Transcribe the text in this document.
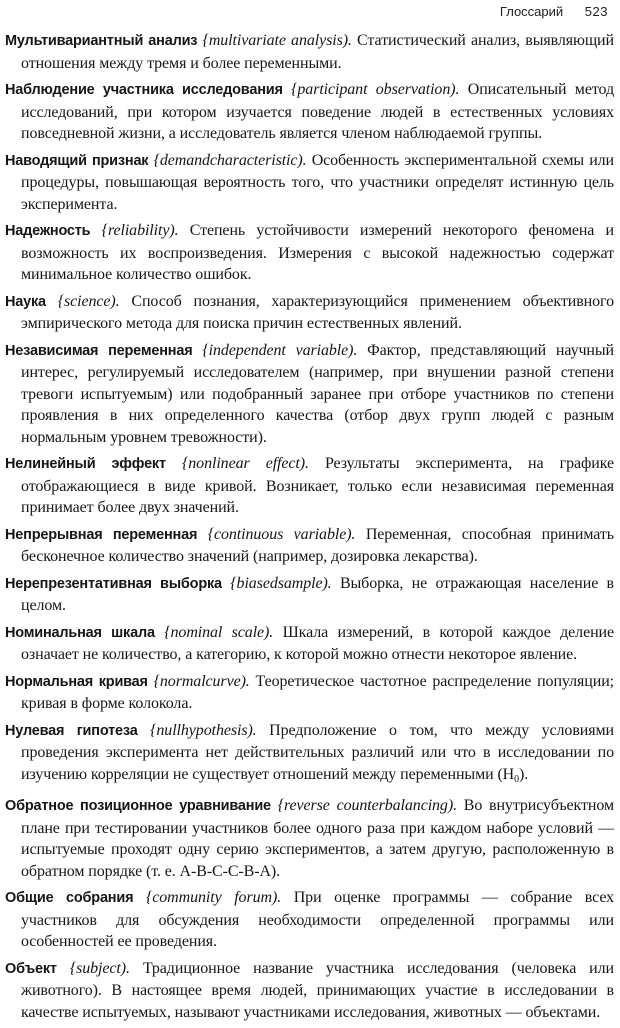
Глоссарий 523

Мультивариантный анализ {multivariate analysis). Статистический анализ, выявляющий отношения между тремя и более переменными.

Наблюдение участника исследования {participant observation). Описательный метод исследований, при котором изучается поведение людей в естественных условиях повседневной жизни, а исследователь является членом наблюдаемой группы.

Наводящий признак {demandcharacteristic). Особенность экспериментальной схемы или процедуры, повышающая вероятность того, что участники определят истинную цель эксперимента.

Надежность {reliability). Степень устойчивости измерений некоторого феномена и возможность их воспроизведения. Измерения с высокой надежностью содержат минимальное количество ошибок.

Наука {science). Способ познания, характеризующийся применением объективного эмпирического метода для поиска причин естественных явлений.

Независимая переменная {independent variable). Фактор, представляющий научный интерес, регулируемый исследователем (например, при внушении разной степени тревоги испытуемым) или подобранный заранее при отборе участников по степени проявления в них определенного качества (отбор двух групп людей с разным нормальным уровнем тревожности).

Нелинейный эффект {nonlinear effect). Результаты эксперимента, на графике отображающиеся в виде кривой. Возникает, только если независимая переменная принимает более двух значений.

Непрерывная переменная {continuous variable). Переменная, способная принимать бесконечное количество значений (например, дозировка лекарства).

Нерепрезентативная выборка {biasedsample). Выборка, не отражающая население в целом.

Номинальная шкала {nominal scale). Шкала измерений, в которой каждое деление означает не количество, а категорию, к которой можно отнести некоторое явление.

Нормальная кривая {normalcurve). Теоретическое частотное распределение популяции; кривая в форме колокола.

Нулевая гипотеза {nullhypothesis). Предположение о том, что между условиями проведения эксперимента нет действительных различий или что в исследовании по изучению корреляции не существует отношений между переменными $(H_0)$.

Обратное позиционное уравнивание {reverse counterbalancing). Во внутрисубъектном плане при тестировании участников более одного раза при каждом наборе условий — испытуемые проходят одну серию экспериментов, а затем другую, расположенную в обратном порядке (т. е. А-В-С-С-В-А).

Общие собрания {community forum). При оценке программы — собрание всех участников для обсуждения необходимости определенной программы или особенностей ее проведения.

Объект {subject). Традиционное название участника исследования (человека или животного). В настоящее время людей, принимающих участие в исследовании в качестве испытуемых, называют участниками исследования, животных — объектами.
